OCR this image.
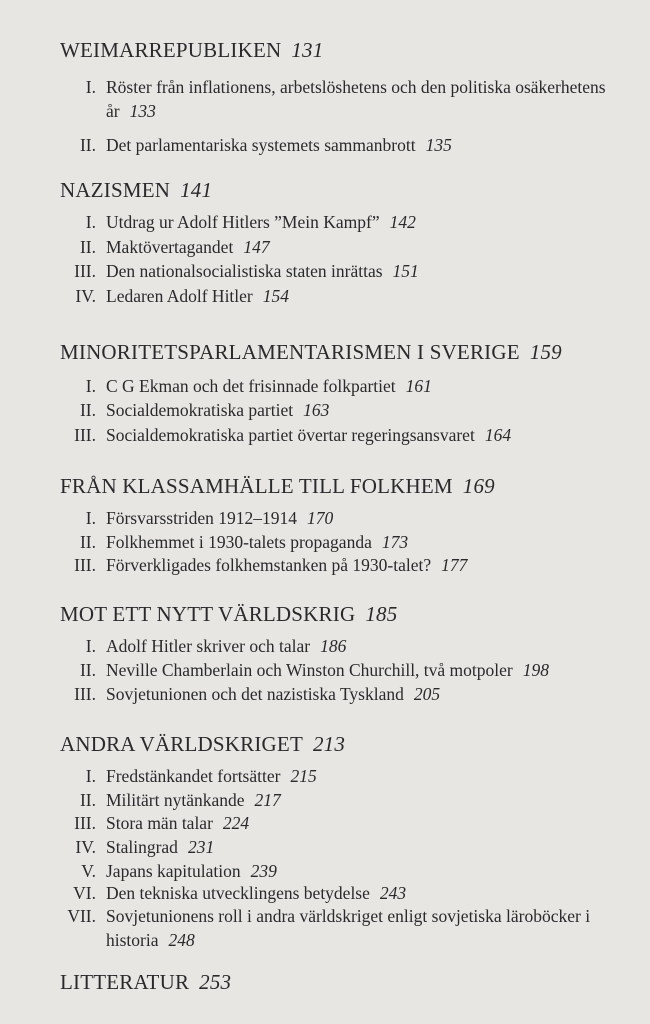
WEIMARREPUBLIKEN 131
I. Röster från inflationens, arbetslöshetens och den politiska osäkerhetens år 133
II. Det parlamentariska systemets sammanbrott 135
NAZISMEN 141
I. Utdrag ur Adolf Hitlers ”Mein Kampf” 142
II. Maktövertagandet 147
III. Den nationalsocialistiska staten inrättas 151
IV. Ledaren Adolf Hitler 154
MINORITETSPARLAMENTARISMEN I SVERIGE 159
I. C G Ekman och det frisinnade folkpartiet 161
II. Socialdemokratiska partiet 163
III. Socialdemokratiska partiet övertar regeringsansvaret 164
FRÅN KLASSAMHÄLLE TILL FOLKHEM 169
I. Försvarsstriden 1912–1914 170
II. Folkhemmet i 1930-talets propaganda 173
III. Förverkligades folkhemstanken på 1930-talet? 177
MOT ETT NYTT VÄRLDSKRIG 185
I. Adolf Hitler skriver och talar 186
II. Neville Chamberlain och Winston Churchill, två motpoler 198
III. Sovjetunionen och det nazistiska Tyskland 205
ANDRA VÄRLDSKRIGET 213
I. Fredstänkandet fortsätter 215
II. Militärt nytänkande 217
III. Stora män talar 224
IV. Stalingrad 231
V. Japans kapitulation 239
VI. Den tekniska utvecklingens betydelse 243
VII. Sovjetunionens roll i andra världskriget enligt sovjetiska läroböcker i historia 248
LITTERATUR 253
